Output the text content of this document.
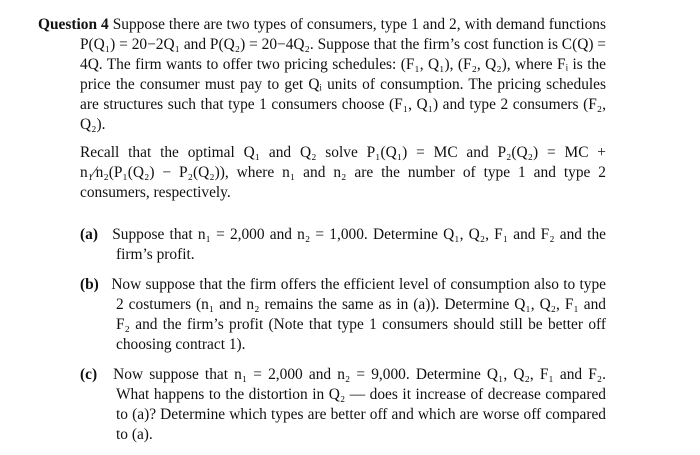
Question 4 Suppose there are two types of consumers, type 1 and 2, with demand functions P(Q₁) = 20−2Q₁ and P(Q₂) = 20−4Q₂. Suppose that the firm’s cost function is C(Q) = 4Q. The firm wants to offer two pricing schedules: (F₁, Q₁), (F₂, Q₂), where Fᵢ is the price the consumer must pay to get Qᵢ units of consumption. The pricing schedules are structures such that type 1 consumers choose (F₁, Q₁) and type 2 consumers (F₂, Q₂).

Recall that the optimal Q₁ and Q₂ solve P₁(Q₁) = MC and P₂(Q₂) = MC + n₁⁄n₂(P₁(Q₂) − P₂(Q₂)), where n₁ and n₂ are the number of type 1 and type 2 consumers, respectively.

(a) Suppose that n₁ = 2,000 and n₂ = 1,000. Determine Q₁, Q₂, F₁ and F₂ and the firm’s profit.

(b) Now suppose that the firm offers the efficient level of consumption also to type 2 costumers (n₁ and n₂ remains the same as in (a)). Determine Q₁, Q₂, F₁ and F₂ and the firm’s profit (Note that type 1 consumers should still be better off choosing contract 1).

(c) Now suppose that n₁ = 2,000 and n₂ = 9,000. Determine Q₁, Q₂, F₁ and F₂. What happens to the distortion in Q₂ — does it increase of decrease compared to (a)? Determine which types are better off and which are worse off compared to (a).
